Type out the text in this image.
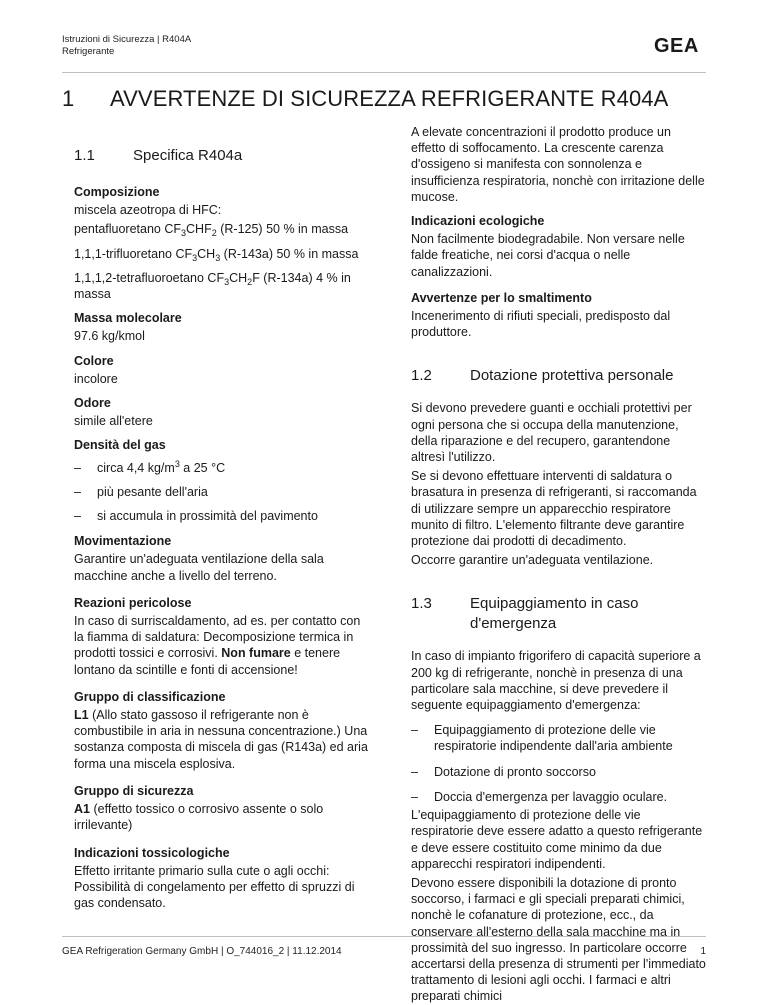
Istruzioni di Sicurezza | R404A
Refrigerante	GEA
1 AVVERTENZE DI SICUREZZA REFRIGERANTE R404A
1.1	Specifica R404a

Composizione

miscela azeotropa di HFC:

pentafluoretano $CF_3CHF_2$ (R-125) 50 % in massa

1,1,1-trifluoretano $CF_3CH_3$ (R-143a) 50 % in massa

1,1,1,2-tetrafluoroetano $CF_3CH_2F$ (R-134a) 4 % in massa

Massa molecolare

97.6 kg/kmol

Colore

incolore

Odore

simile all'etere

Densità del gas

–	circa 4,4 $kg/m^3$ a 25 °C
–	più pesante dell'aria
–	si accumula in prossimità del pavimento

Movimentazione

Garantire un'adeguata ventilazione della sala macchine anche a livello del terreno.

Reazioni pericolose

In caso di surriscaldamento, ad es. per contatto con la fiamma di saldatura: Decomposizione termica in prodotti tossici e corrosivi. Non fumare e tenere lontano da scintille e fonti di accensione!

Gruppo di classificazione

L1 (Allo stato gassoso il refrigerante non è combustibile in aria in nessuna concentrazione.) Una sostanza composta di miscela di gas (R143a) ed aria forma una miscela esplosiva.

Gruppo di sicurezza

A1 (effetto tossico o corrosivo assente o solo irrilevante)

Indicazioni tossicologiche

Effetto irritante primario sulla cute o agli occhi: Possibilità di congelamento per effetto di spruzzi di gas condensato.

A elevate concentrazioni il prodotto produce un effetto di soffocamento. La crescente carenza d'ossigeno si manifesta con sonnolenza e insufficienza respiratoria, nonchè con irritazione delle mucose.

Indicazioni ecologiche

Non facilmente biodegradabile. Non versare nelle falde freatiche, nei corsi d'acqua o nelle canalizzazioni.

Avvertenze per lo smaltimento

Incenerimento di rifiuti speciali, predisposto dal produttore.

1.2	Dotazione protettiva personale

Si devono prevedere guanti e occhiali protettivi per ogni persona che si occupa della manutenzione, della riparazione e del recupero, garantendone altresì l'utilizzo.

Se si devono effettuare interventi di saldatura o brasatura in presenza di refrigeranti, si raccomanda di utilizzare sempre un apparecchio respiratore munito di filtro. L'elemento filtrante deve garantire protezione dai prodotti di decadimento.

Occorre garantire un'adeguata ventilazione.

1.3	Equipaggiamento in caso d'emergenza

In caso di impianto frigorifero di capacità superiore a 200 kg di refrigerante, nonchè in presenza di una particolare sala macchine, si deve prevedere il seguente equipaggiamento d'emergenza:

–	Equipaggiamento di protezione delle vie respiratorie indipendente dall'aria ambiente
–	Dotazione di pronto soccorso
–	Doccia d'emergenza per lavaggio oculare.

L'equipaggiamento di protezione delle vie respiratorie deve essere adatto a questo refrigerante e deve essere costituito come minimo da due apparecchi respiratori indipendenti.

Devono essere disponibili la dotazione di pronto soccorso, i farmaci e gli speciali preparati chimici, nonchè le cofanature di protezione, ecc., da conservare all'esterno della sala macchine ma in prossimità del suo ingresso. In particolare occorre accertarsi della presenza di strumenti per l'immediato trattamento di lesioni agli occhi. I farmaci e altri preparati chimici

GEA Refrigeration Germany GmbH | O_744016_2 | 11.12.2014	1
